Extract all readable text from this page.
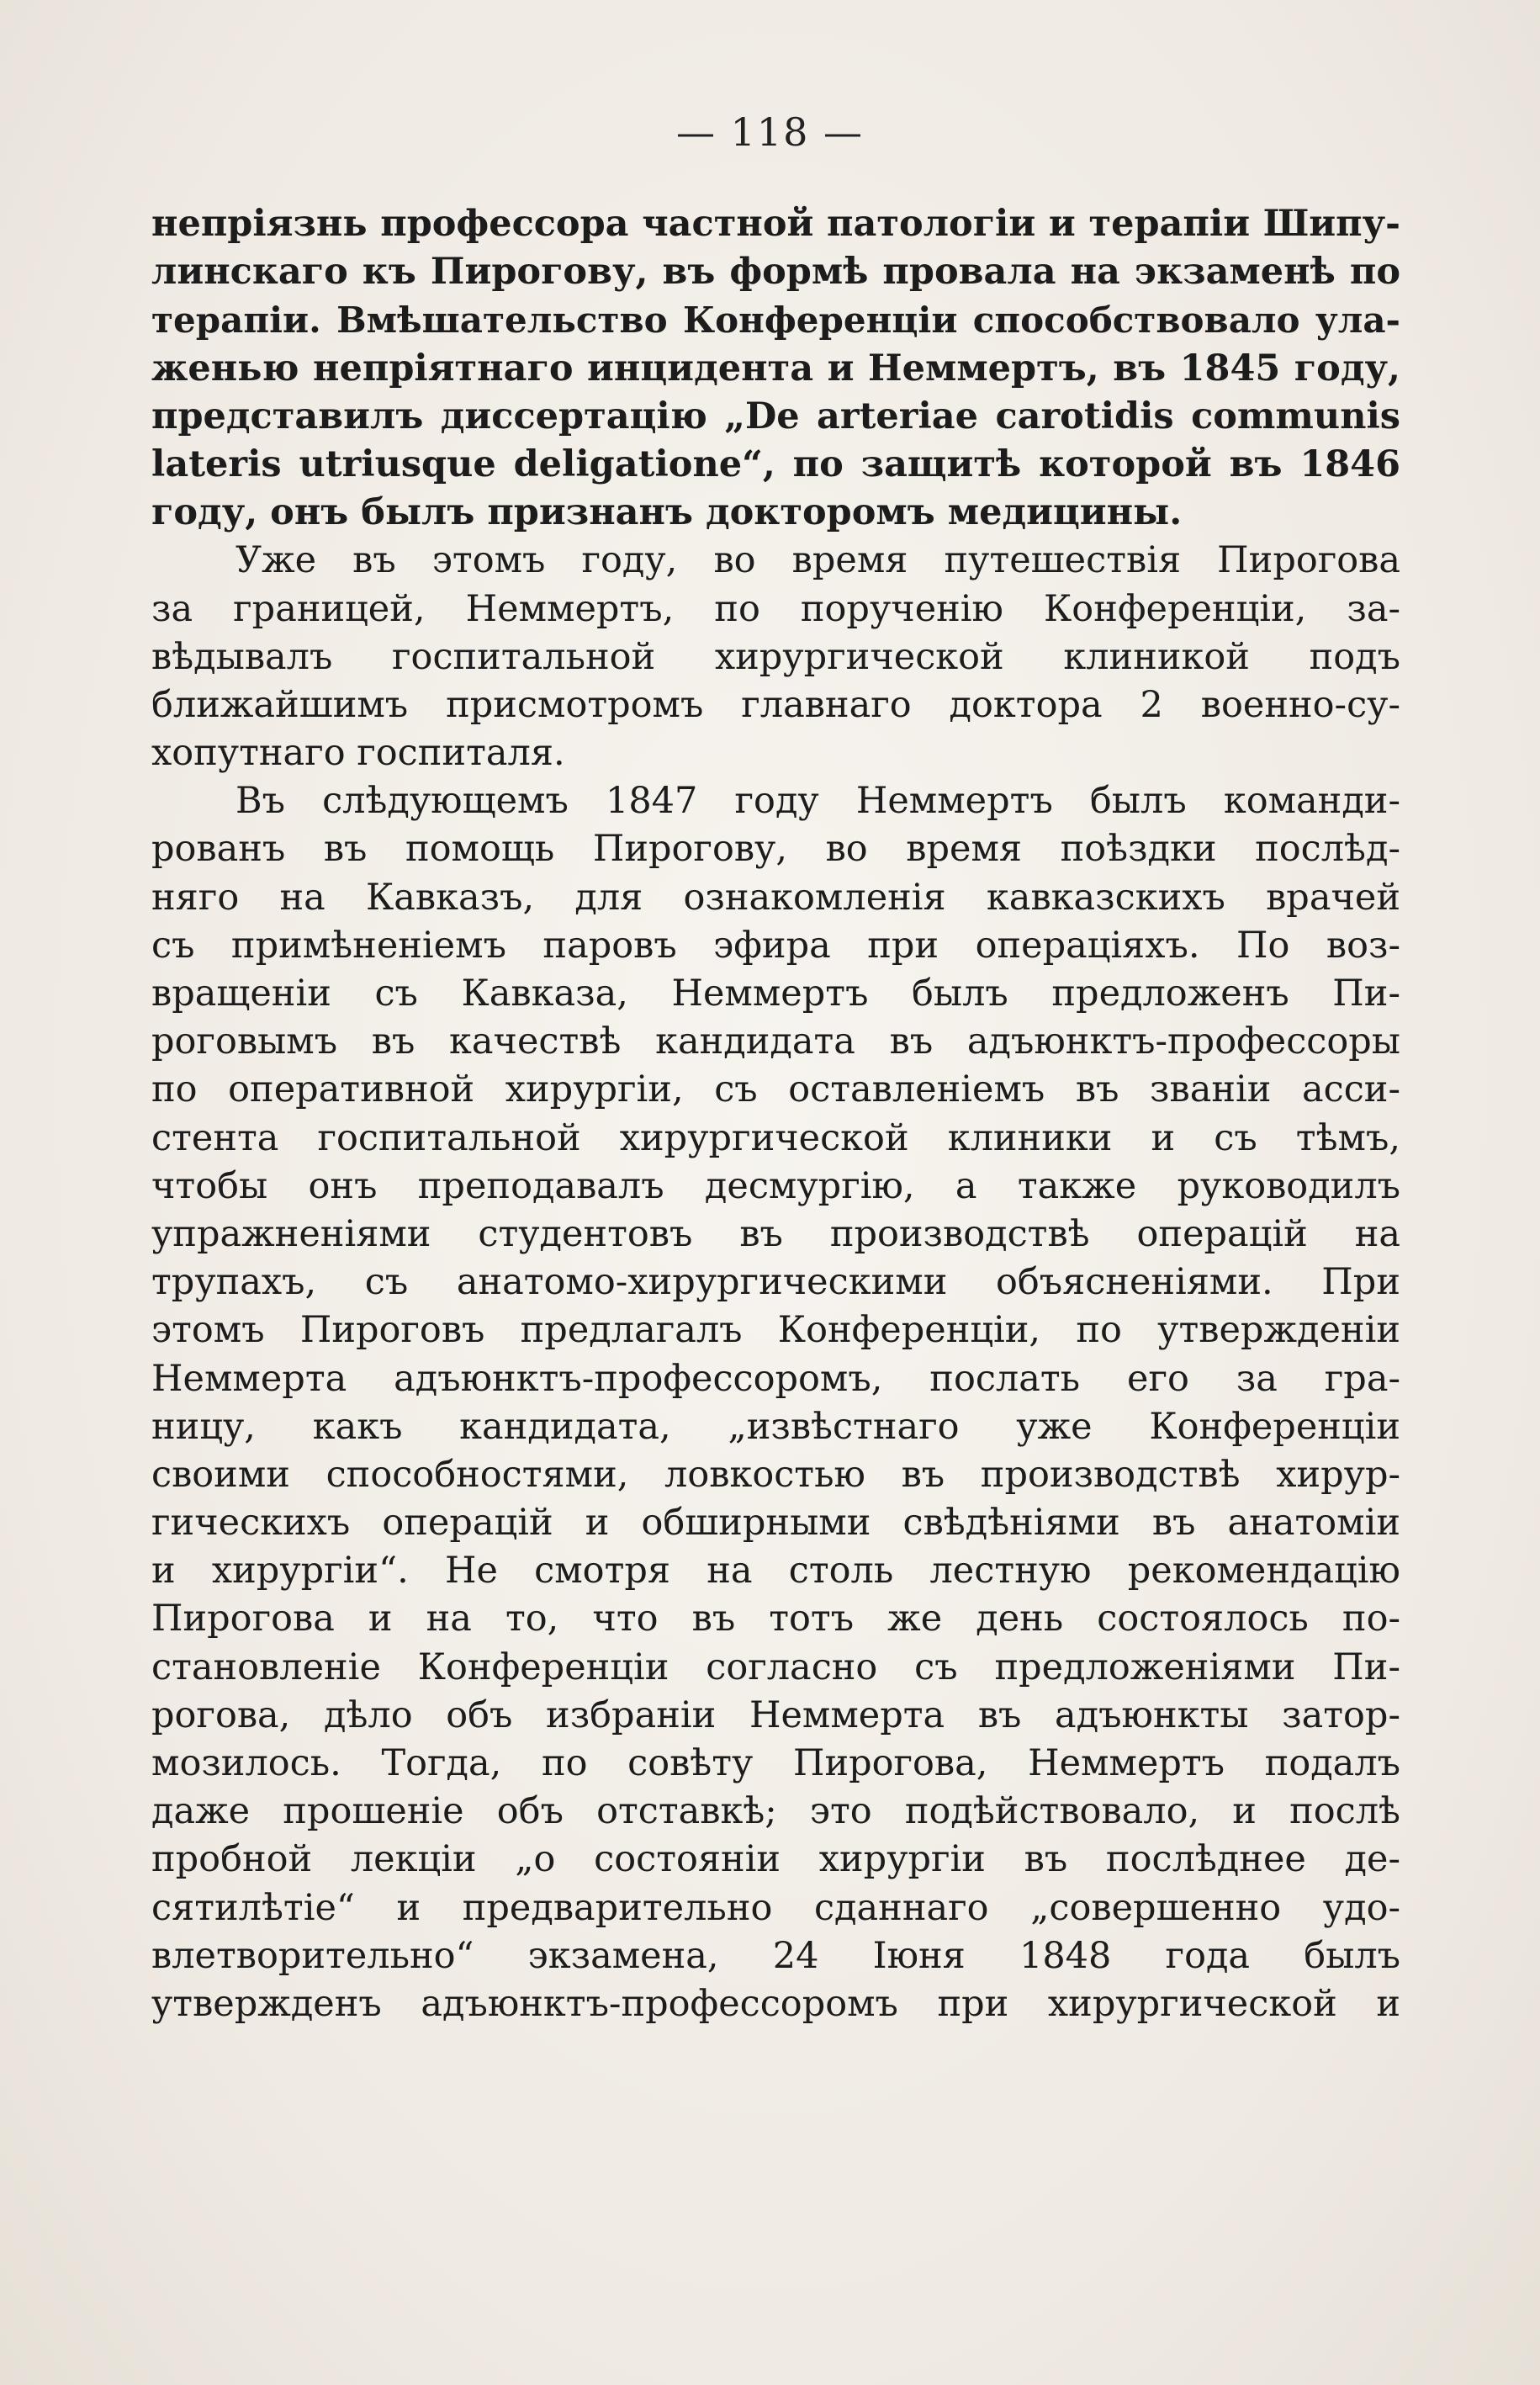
— 118 —
непріязнь профессора частной патологіи и терапіи Шипу-
линскаго къ Пирогову, въ формѣ провала на экзаменѣ по
терапіи. Вмѣшательство Конференціи способствовало ула-
женью непріятнаго инцидента и Неммертъ, въ 1845 году,
представилъ диссертацію „De arteriae carotidis communis
lateris utriusque deligatione“, по защитѣ которой въ 1846
году, онъ былъ признанъ докторомъ медицины.
Уже въ этомъ году, во время путешествія Пирогова
за границей, Неммертъ, по порученію Конференціи, за-
вѣдывалъ госпитальной хирургической клиникой подъ
ближайшимъ присмотромъ главнаго доктора 2 военно-су-
хопутнаго госпиталя.
Въ слѣдующемъ 1847 году Неммертъ былъ команди-
рованъ въ помощь Пирогову, во время поѣздки послѣд-
няго на Кавказъ, для ознакомленія кавказскихъ врачей
съ примѣненіемъ паровъ эфира при операціяхъ. По воз-
вращеніи съ Кавказа, Неммертъ былъ предложенъ Пи-
роговымъ въ качествѣ кандидата въ адъюнктъ-профессоры
по оперативной хирургіи, съ оставленіемъ въ званіи асси-
стента госпитальной хирургической клиники и съ тѣмъ,
чтобы онъ преподавалъ десмургію, а также руководилъ
упражненіями студентовъ въ производствѣ операцій на
трупахъ, съ анатомо-хирургическими объясненіями. При
этомъ Пироговъ предлагалъ Конференціи, по утвержденіи
Неммерта адъюнктъ-профессоромъ, послать его за гра-
ницу, какъ кандидата, „извѣстнаго уже Конференціи
своими способностями, ловкостью въ производствѣ хирур-
гическихъ операцій и обширными свѣдѣніями въ анатоміи
и хирургіи“. Не смотря на столь лестную рекомендацію
Пирогова и на то, что въ тотъ же день состоялось по-
становленіе Конференціи согласно съ предложеніями Пи-
рогова, дѣло объ избраніи Неммерта въ адъюнкты затор-
мозилось. Тогда, по совѣту Пирогова, Неммертъ подалъ
даже прошеніе объ отставкѣ; это подѣйствовало, и послѣ
пробной лекціи „о состояніи хирургіи въ послѣднее де-
сятилѣтіе“ и предварительно сданнаго „совершенно удо-
влетворительно“ экзамена, 24 Іюня 1848 года былъ
утвержденъ адъюнктъ-профессоромъ при хирургической и
